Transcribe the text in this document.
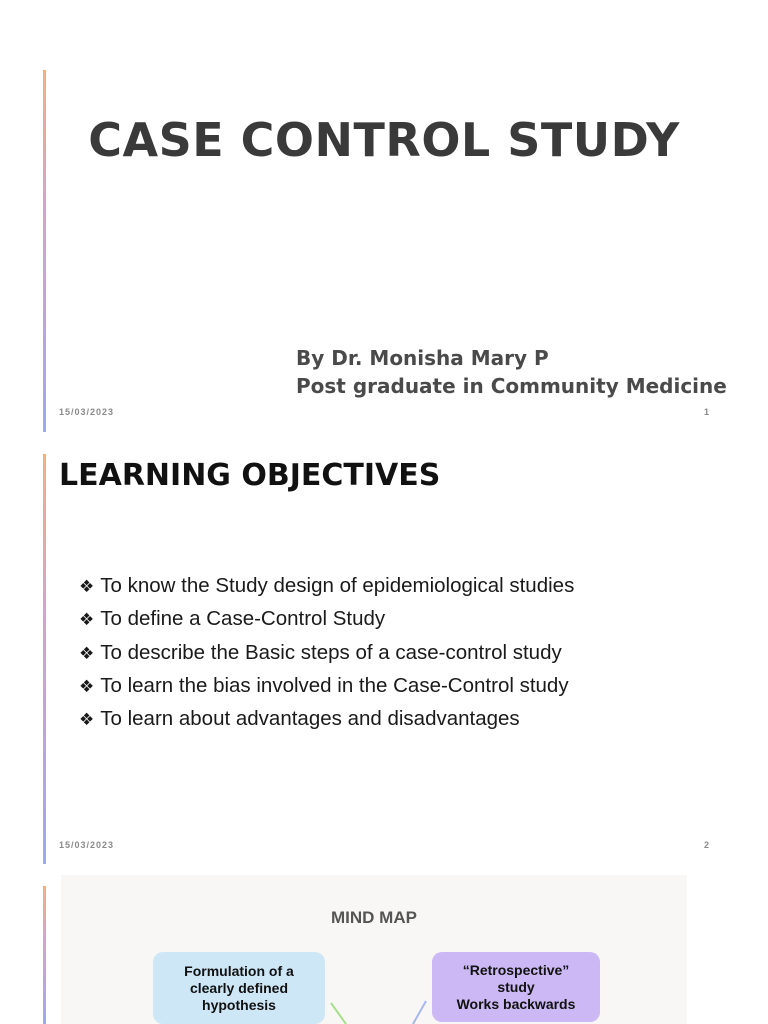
CASE CONTROL STUDY
By Dr. Monisha Mary P
Post graduate in Community Medicine
15/03/2023	1
LEARNING OBJECTIVES
❖ To know the Study design of epidemiological studies
❖ To define a Case-Control Study
❖ To describe the Basic steps of a case-control study
❖ To learn the bias involved in the Case-Control study
❖ To learn about advantages and disadvantages
15/03/2023	2
MIND MAP
Formulation of a
clearly defined
hypothesis
“Retrospective”
study
Works backwards
